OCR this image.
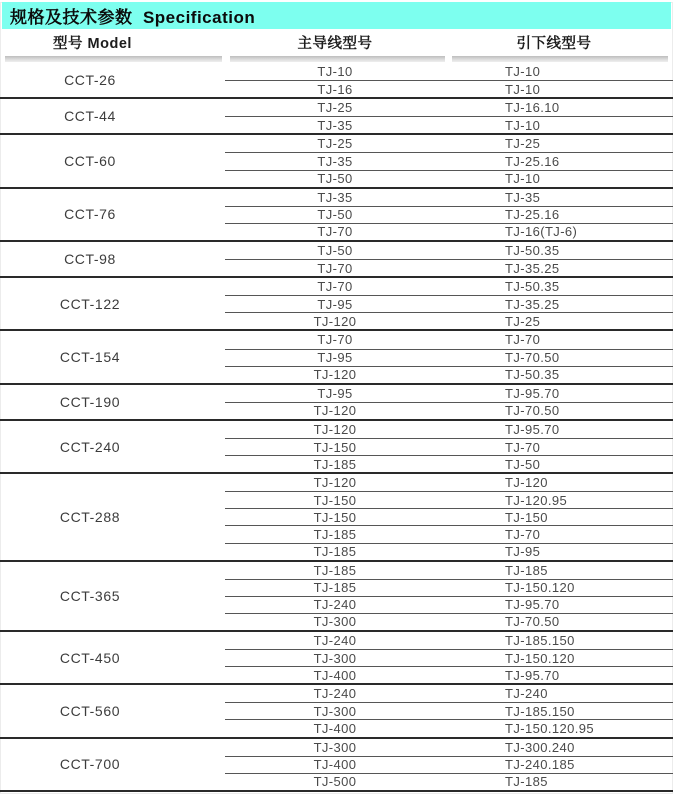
规格及技术参数  Specification
型号 Model	主导线型号	引下线型号
CCT-26
TJ-10	TJ-10
TJ-16	TJ-10
CCT-44
TJ-25	TJ-16.10
TJ-35	TJ-10
CCT-60
TJ-25	TJ-25
TJ-35	TJ-25.16
TJ-50	TJ-10
CCT-76
TJ-35	TJ-35
TJ-50	TJ-25.16
TJ-70	TJ-16(TJ-6)
CCT-98
TJ-50	TJ-50.35
TJ-70	TJ-35.25
CCT-122
TJ-70	TJ-50.35
TJ-95	TJ-35.25
TJ-120	TJ-25
CCT-154
TJ-70	TJ-70
TJ-95	TJ-70.50
TJ-120	TJ-50.35
CCT-190
TJ-95	TJ-95.70
TJ-120	TJ-70.50
CCT-240
TJ-120	TJ-95.70
TJ-150	TJ-70
TJ-185	TJ-50
CCT-288
TJ-120	TJ-120
TJ-150	TJ-120.95
TJ-150	TJ-150
TJ-185	TJ-70
TJ-185	TJ-95
CCT-365
TJ-185	TJ-185
TJ-185	TJ-150.120
TJ-240	TJ-95.70
TJ-300	TJ-70.50
CCT-450
TJ-240	TJ-185.150
TJ-300	TJ-150.120
TJ-400	TJ-95.70
CCT-560
TJ-240	TJ-240
TJ-300	TJ-185.150
TJ-400	TJ-150.120.95
CCT-700
TJ-300	TJ-300.240
TJ-400	TJ-240.185
TJ-500	TJ-185
